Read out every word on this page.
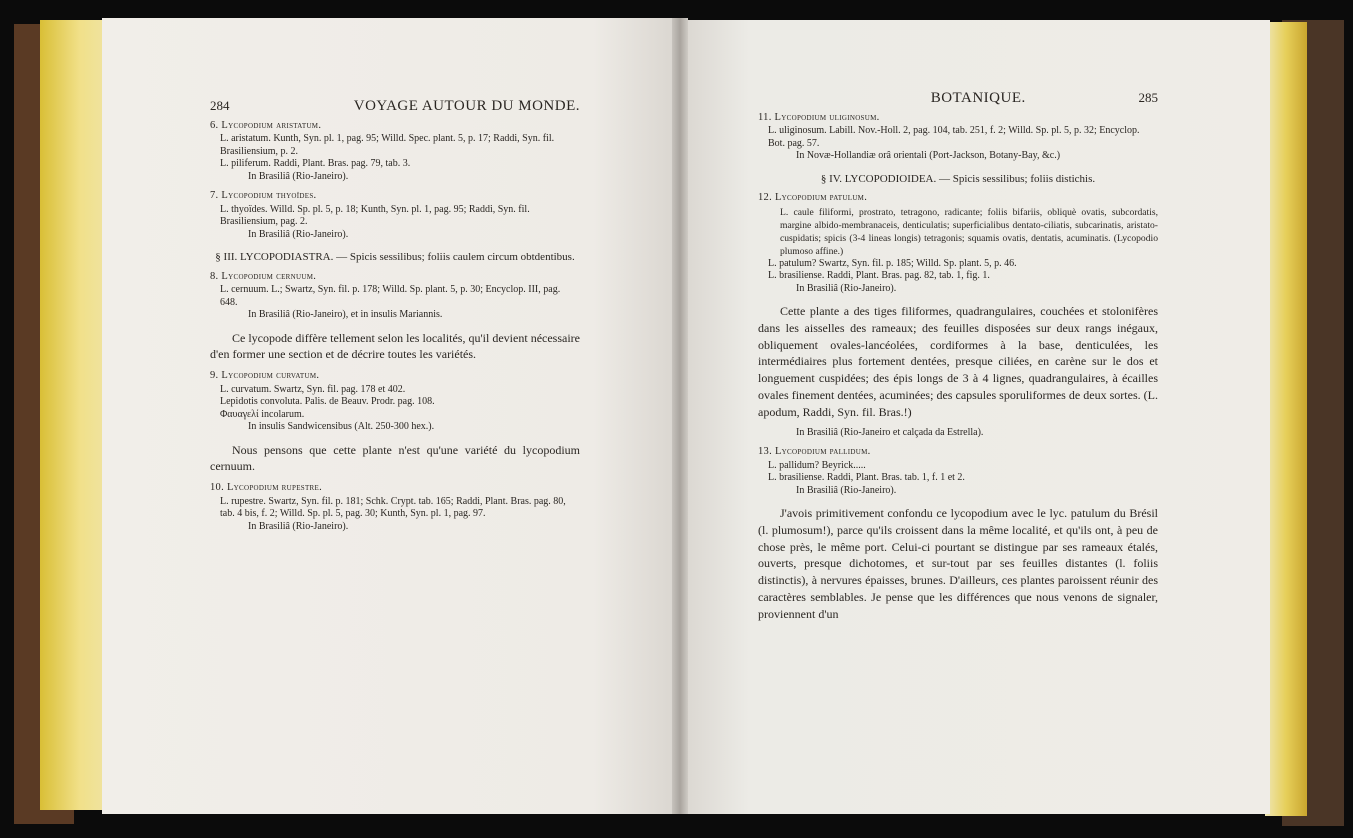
284	VOYAGE AUTOUR DU MONDE.
6. Lycopodium aristatum.
L. aristatum. Kunth, Syn. pl. 1, pag. 95; Willd. Spec. plant. 5, p. 17; Raddi, Syn. fil. Brasiliensium, p. 2.
L. piliferum. Raddi, Plant. Bras. pag. 79, tab. 3.
In Brasiliâ (Rio-Janeiro).
7. Lycopodium thyoïdes.
L. thyoïdes. Willd. Sp. pl. 5, p. 18; Kunth, Syn. pl. 1, pag. 95; Raddi, Syn. fil. Brasiliensium, pag. 2.
In Brasiliâ (Rio-Janeiro).
§ III. LYCOPODIASTRA. — Spicis sessilibus; foliis caulem circum obtdentibus.
8. Lycopodium cernuum.
L. cernuum. L.; Swartz, Syn. fil. p. 178; Willd. Sp. plant. 5, p. 30; Encyclop. III, pag. 648.
In Brasiliâ (Rio-Janeiro), et in insulis Mariannis.
Ce lycopode diffère tellement selon les localités, qu'il devient nécessaire d'en former une section et de décrire toutes les variétés.
9. Lycopodium curvatum.
L. curvatum. Swartz, Syn. fil. pag. 178 et 402.
Lepidotis convoluta. Palis. de Beauv. Prodr. pag. 108.
Φαυαγελί incolarum.
In insulis Sandwicensibus (Alt. 250-300 hex.).
Nous pensons que cette plante n'est qu'une variété du lycopodium cernuum.
10. Lycopodium rupestre.
L. rupestre. Swartz, Syn. fil. p. 181; Schk. Crypt. tab. 165; Raddi, Plant. Bras. pag. 80, tab. 4 bis, f. 2; Willd. Sp. pl. 5, pag. 30; Kunth, Syn. pl. 1, pag. 97.
In Brasiliâ (Rio-Janeiro).
BOTANIQUE.	285
11. Lycopodium uliginosum.
L. uliginosum. Labill. Nov.-Holl. 2, pag. 104, tab. 251, f. 2; Willd. Sp. pl. 5, p. 32; Encyclop. Bot. pag. 57.
In Novæ-Hollandiæ orâ orientali (Port-Jackson, Botany-Bay, &c.)
§ IV. LYCOPODIOIDEA. — Spicis sessilibus; foliis distichis.
12. Lycopodium patulum.
L. caule filiformi, prostrato, tetragono, radicante; foliis bifariis, obliquè ovatis, subcordatis, margine albido-membranaceis, denticulatis; superficialibus dentato-ciliatis, subcarinatis, aristato-cuspidatis; spicis (3-4 lineas longis) tetragonis; squamis ovatis, dentatis, acuminatis. (Lycopodio plumoso affine.)
L. patulum? Swartz, Syn. fil. p. 185; Willd. Sp. plant. 5, p. 46.
L. brasiliense. Raddi, Plant. Bras. pag. 82, tab. 1, fig. 1.
In Brasiliâ (Rio-Janeiro).
Cette plante a des tiges filiformes, quadrangulaires, couchées et stolonifères dans les aisselles des rameaux; des feuilles disposées sur deux rangs inégaux, obliquement ovales-lancéolées, cordiformes à la base, denticulées, les intermédiaires plus fortement dentées, presque ciliées, en carène sur le dos et longuement cuspidées; des épis longs de 3 à 4 lignes, quadrangulaires, à écailles ovales finement dentées, acuminées; des capsules sporuliformes de deux sortes. (L. apodum, Raddi, Syn. fil. Bras.!)
In Brasiliâ (Rio-Janeiro et calçada da Estrella).
13. Lycopodium pallidum.
L. pallidum? Beyrick.....
L. brasiliense. Raddi, Plant. Bras. tab. 1, f. 1 et 2.
In Brasiliâ (Rio-Janeiro).
J'avois primitivement confondu ce lycopodium avec le lyc. patulum du Brésil (l. plumosum!), parce qu'ils croissent dans la même localité, et qu'ils ont, à peu de chose près, le même port. Celui-ci pourtant se distingue par ses rameaux étalés, ouverts, presque dichotomes, et sur-tout par ses feuilles distantes (l. foliis distinctis), à nervures épaisses, brunes. D'ailleurs, ces plantes paroissent réunir des caractères semblables. Je pense que les différences que nous venons de signaler, proviennent d'un
